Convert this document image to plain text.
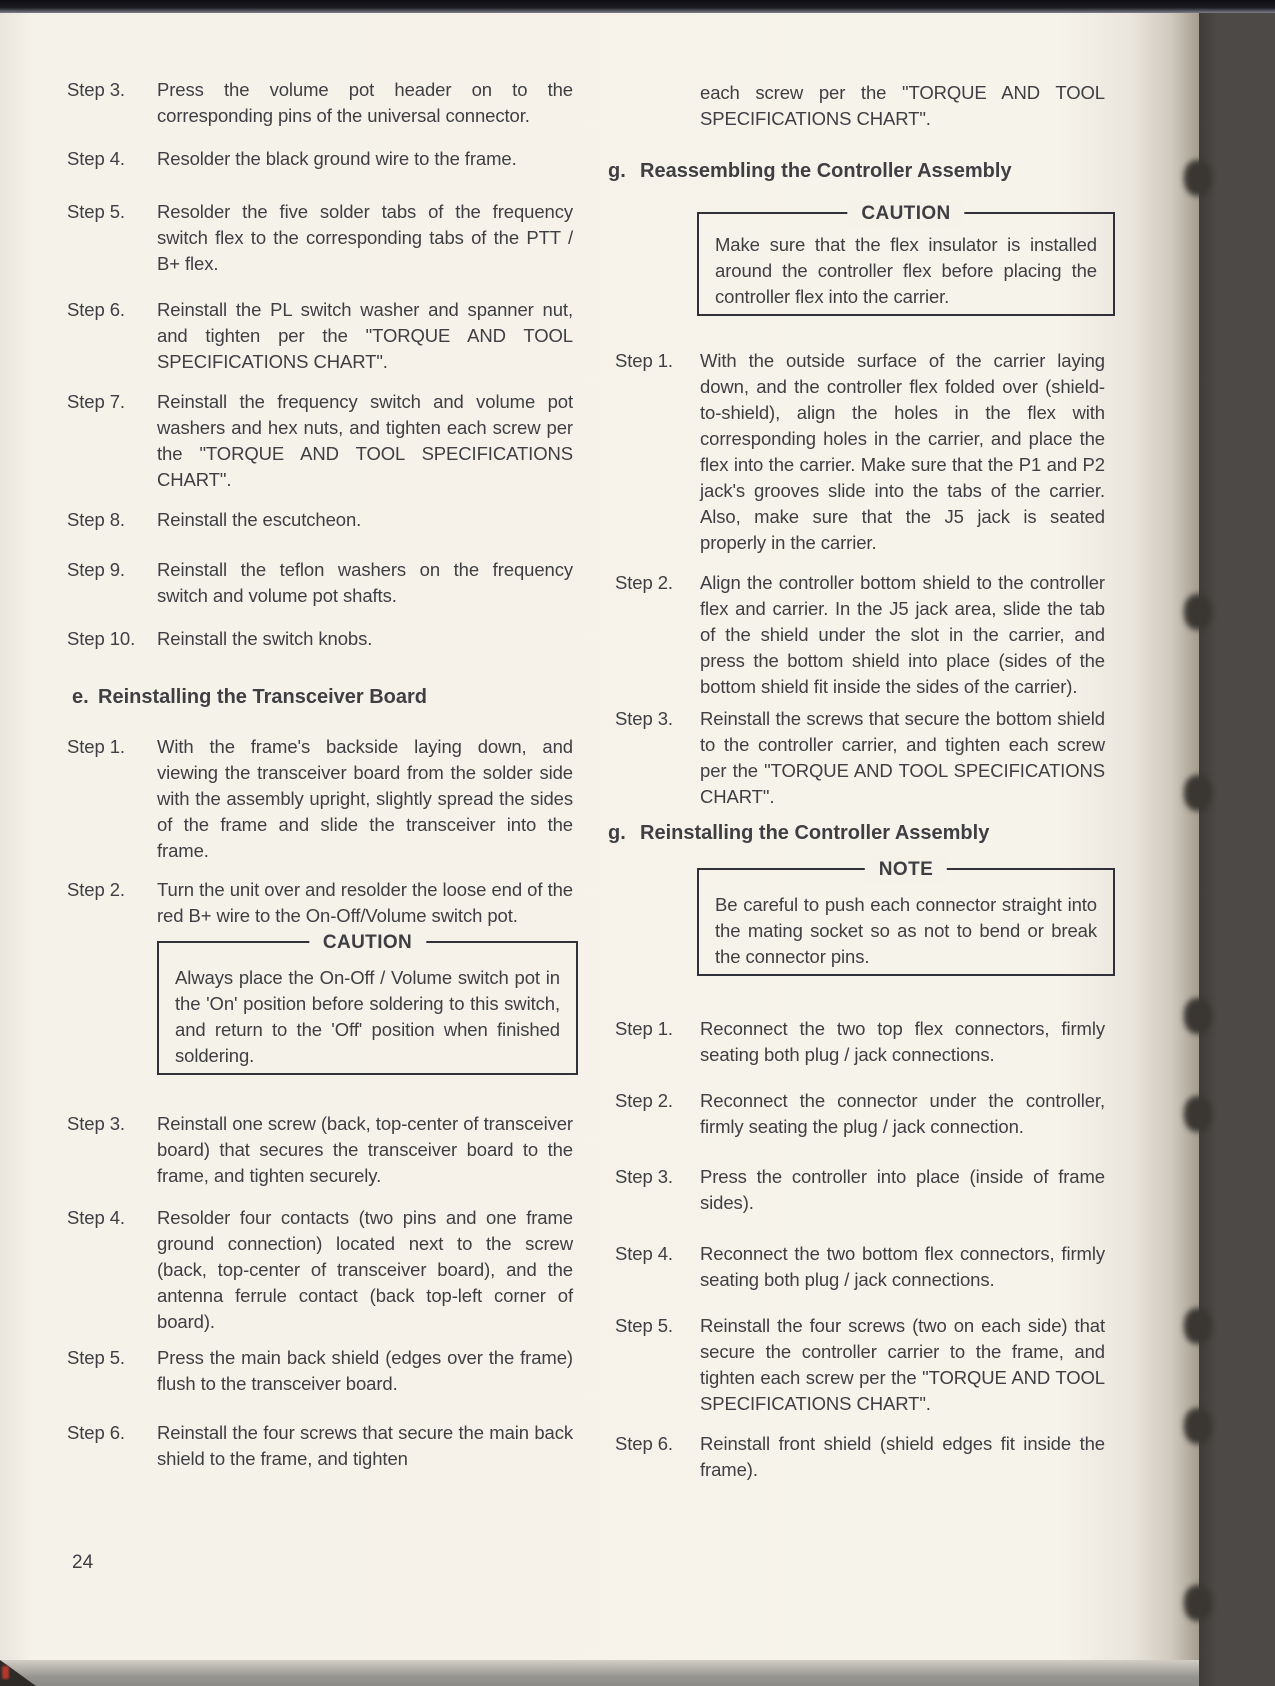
Step 3.	Press the volume pot header on to the corresponding pins of the universal connector.
Step 4.	Resolder the black ground wire to the frame.
Step 5.	Resolder the five solder tabs of the frequency switch flex to the corresponding tabs of the PTT / B+ flex.
Step 6.	Reinstall the PL switch washer and spanner nut, and tighten per the "TORQUE AND TOOL SPECIFICATIONS CHART".
Step 7.	Reinstall the frequency switch and volume pot washers and hex nuts, and tighten each screw per the "TORQUE AND TOOL SPECIFICATIONS CHART".
Step 8.	Reinstall the escutcheon.
Step 9.	Reinstall the teflon washers on the frequency switch and volume pot shafts.
Step 10.	Reinstall the switch knobs.
e. Reinstalling the Transceiver Board
Step 1.	With the frame's backside laying down, and viewing the transceiver board from the solder side with the assembly upright, slightly spread the sides of the frame and slide the transceiver into the frame.
Step 2.	Turn the unit over and resolder the loose end of the red B+ wire to the On-Off/Volume switch pot.
CAUTION
Always place the On-Off / Volume switch pot in the 'On' position before soldering to this switch, and return to the 'Off' position when finished soldering.
Step 3.	Reinstall one screw (back, top-center of transceiver board) that secures the transceiver board to the frame, and tighten securely.
Step 4.	Resolder four contacts (two pins and one frame ground connection) located next to the screw (back, top-center of transceiver board), and the antenna ferrule contact (back top-left corner of board).
Step 5.	Press the main back shield (edges over the frame) flush to the transceiver board.
Step 6.	Reinstall the four screws that secure the main back shield to the frame, and tighten
each screw per the "TORQUE AND TOOL SPECIFICATIONS CHART".
g. Reassembling the Controller Assembly
CAUTION
Make sure that the flex insulator is installed around the controller flex before placing the controller flex into the carrier.
Step 1.	With the outside surface of the carrier laying down, and the controller flex folded over (shield-to-shield), align the holes in the flex with corresponding holes in the carrier, and place the flex into the carrier. Make sure that the P1 and P2 jack's grooves slide into the tabs of the carrier. Also, make sure that the J5 jack is seated properly in the carrier.
Step 2.	Align the controller bottom shield to the controller flex and carrier. In the J5 jack area, slide the tab of the shield under the slot in the carrier, and press the bottom shield into place (sides of the bottom shield fit inside the sides of the carrier).
Step 3.	Reinstall the screws that secure the bottom shield to the controller carrier, and tighten each screw per the "TORQUE AND TOOL SPECIFICATIONS CHART".
g. Reinstalling the Controller Assembly
NOTE
Be careful to push each connector straight into the mating socket so as not to bend or break the connector pins.
Step 1.	Reconnect the two top flex connectors, firmly seating both plug / jack connections.
Step 2.	Reconnect the connector under the controller, firmly seating the plug / jack connection.
Step 3.	Press the controller into place (inside of frame sides).
Step 4.	Reconnect the two bottom flex connectors, firmly seating both plug / jack connections.
Step 5.	Reinstall the four screws (two on each side) that secure the controller carrier to the frame, and tighten each screw per the "TORQUE AND TOOL SPECIFICATIONS CHART".
Step 6.	Reinstall front shield (shield edges fit inside the frame).
24
